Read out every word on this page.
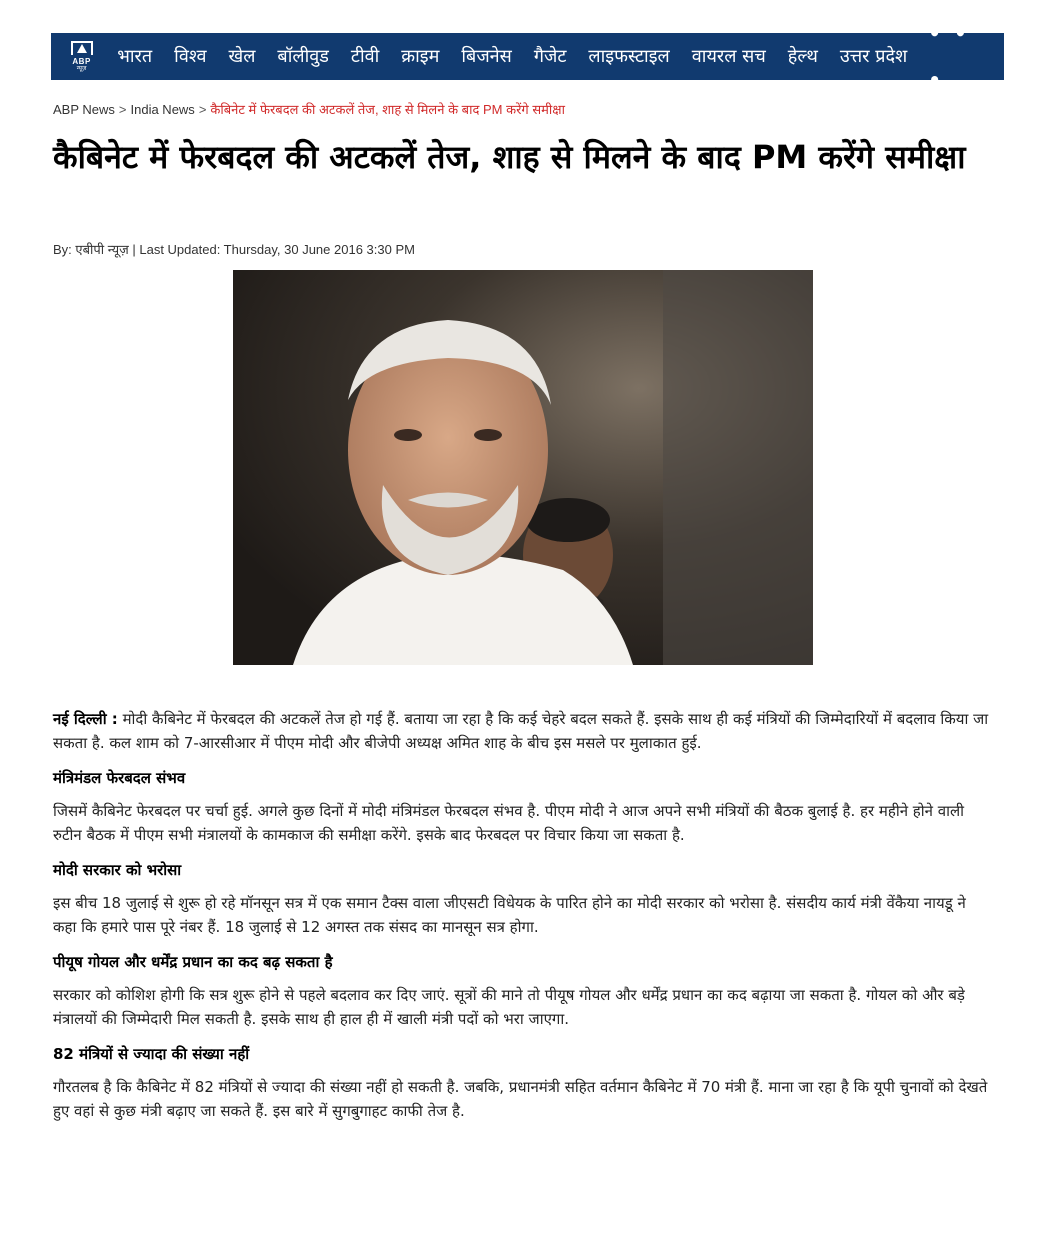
ABP
न्यूज़
भारत	विश्व	खेल	बॉलीवुड	टीवी	क्राइम	बिजनेस	गैजेट	लाइफस्टाइल	वायरल सच	हेल्थ	उत्तर प्रदेश
• • •
ABP News > India News > कैबिनेट में फेरबदल की अटकलें तेज, शाह से मिलने के बाद PM करेंगे समीक्षा
कैबिनेट में फेरबदल की अटकलें तेज, शाह से मिलने के बाद PM करेंगे समीक्षा
By: एबीपी न्यूज़ | Last Updated: Thursday, 30 June 2016 3:30 PM

नई दिल्ली : मोदी कैबिनेट में फेरबदल की अटकलें तेज हो गई हैं. बताया जा रहा है कि कई चेहरे बदल सकते हैं. इसके साथ ही कई मंत्रियों की जिम्मेदारियों में बदलाव किया जा सकता है. कल शाम को 7-आरसीआर में पीएम मोदी और बीजेपी अध्यक्ष अमित शाह के बीच इस मसले पर मुलाकात हुई.

मंत्रिमंडल फेरबदल संभव

जिसमें कैबिनेट फेरबदल पर चर्चा हुई. अगले कुछ दिनों में मोदी मंत्रिमंडल फेरबदल संभव है. पीएम मोदी ने आज अपने सभी मंत्रियों की बैठक बुलाई है. हर महीने होने वाली रुटीन बैठक में पीएम सभी मंत्रालयों के कामकाज की समीक्षा करेंगे. इसके बाद फेरबदल पर विचार किया जा सकता है.

मोदी सरकार को भरोसा

इस बीच 18 जुलाई से शुरू हो रहे मॉनसून सत्र में एक समान टैक्स वाला जीएसटी विधेयक के पारित होने का मोदी सरकार को भरोसा है. संसदीय कार्य मंत्री वेंकैया नायडू ने कहा कि हमारे पास पूरे नंबर हैं. 18 जुलाई से 12 अगस्त तक संसद का मानसून सत्र होगा.

पीयूष गोयल और धर्मेंद्र प्रधान का कद बढ़ सकता है

सरकार को कोशिश होगी कि सत्र शुरू होने से पहले बदलाव कर दिए जाएं. सूत्रों की माने तो पीयूष गोयल और धर्मेंद्र प्रधान का कद बढ़ाया जा सकता है. गोयल को और बड़े मंत्रालयों की जिम्मेदारी मिल सकती है. इसके साथ ही हाल ही में खाली मंत्री पदों को भरा जाएगा.

82 मंत्रियों से ज्यादा की संख्या नहीं

गौरतलब है कि कैबिनेट में 82 मंत्रियों से ज्यादा की संख्या नहीं हो सकती है. जबकि, प्रधानमंत्री सहित वर्तमान कैबिनेट में 70 मंत्री हैं. माना जा रहा है कि यूपी चुनावों को देखते हुए वहां से कुछ मंत्री बढ़ाए जा सकते हैं. इस बारे में सुगबुगाहट काफी तेज है.
